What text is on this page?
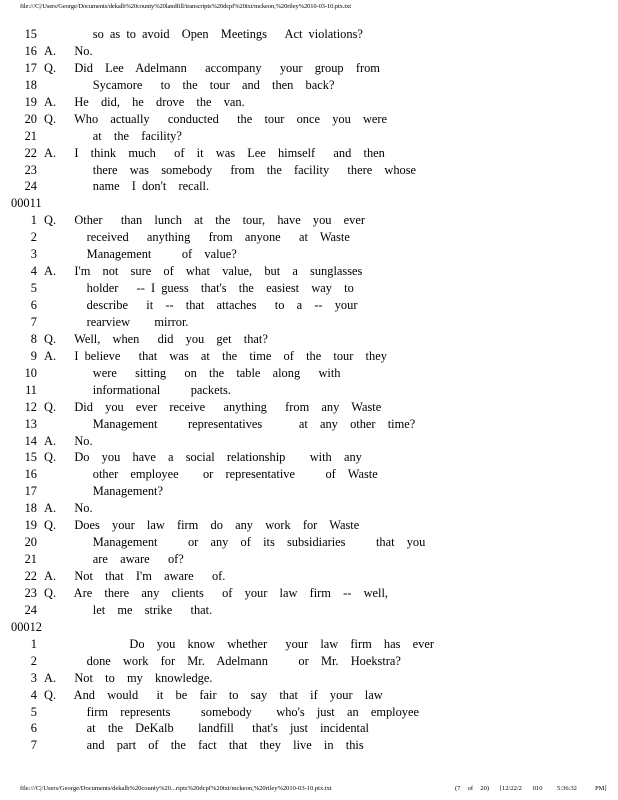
file:///C|/Users/George/Documents/dekalb%20county%20landfill/transcripts%20dcpf%20txt/mckeon,%20riley%2010-03-10.ptx.txt
15 so as to avoid  Open  Meetings   Act violations?
16 A.   No.
17 Q.   Did  Lee  Adelmann   accompany   your  group  from
18 Sycamore   to  the  tour  and  then  back?
19 A.   He  did,  he  drove  the  van.
20 Q.   Who  actually   conducted   the  tour  once  you  were
21 at  the  facility?
22 A.   I  think  much   of  it  was  Lee  himself   and  then
23 there  was  somebody   from  the  facility   there  whose
24 name  I don't  recall.
00011
1 Q.   Other   than  lunch  at  the  tour,  have  you  ever
2 received   anything   from  anyone   at  Waste
3 Management     of  value?
4 A.   I'm  not  sure  of  what  value,  but  a  sunglasses
5 holder   -- I guess  that's  the  easiest  way  to
6 describe   it  --  that  attaches   to  a  --  your
7 rearview    mirror.
8 Q.   Well,  when   did  you  get  that?
9 A.   I believe   that  was  at  the  time  of  the  tour  they
10 were   sitting   on  the  table  along   with
11 informational     packets.
12 Q.   Did  you  ever  receive   anything   from  any  Waste
13 Management     representatives      at  any  other  time?
14 A.   No.
15 Q.   Do  you  have  a  social  relationship    with  any
16 other  employee    or  representative     of  Waste
17 Management?
18 A.   No.
19 Q.   Does  your  law  firm  do  any  work  for  Waste
20 Management     or  any  of  its  subsidiaries     that  you
21 are  aware   of?
22 A.   Not  that  I'm  aware   of.
23 Q.   Are  there  any  clients   of  your  law  firm  --  well,
24 let  me  strike   that.
00012
1 Do  you  know  whether   your  law  firm  has  ever
2 done  work  for  Mr.  Adelmann     or  Mr.  Hoekstra?
3 A.   Not  to  my  knowledge.
4 Q.   And  would   it  be  fair  to  say  that  if  your  law
5 firm  represents     somebody    who's  just  an  employee
6 at  the  DeKalb    landfill   that's  just  incidental
7 and  part  of  the  fact  that  they  live  in  this
file:///C|/Users/George/Documents/dekalb%20county%20...ripts%20dcpf%20txt/mckeon,%20riley%2010-03-10.ptx.txt	(7  of  20)   [12/22/2   010    5:36:32     PM]
